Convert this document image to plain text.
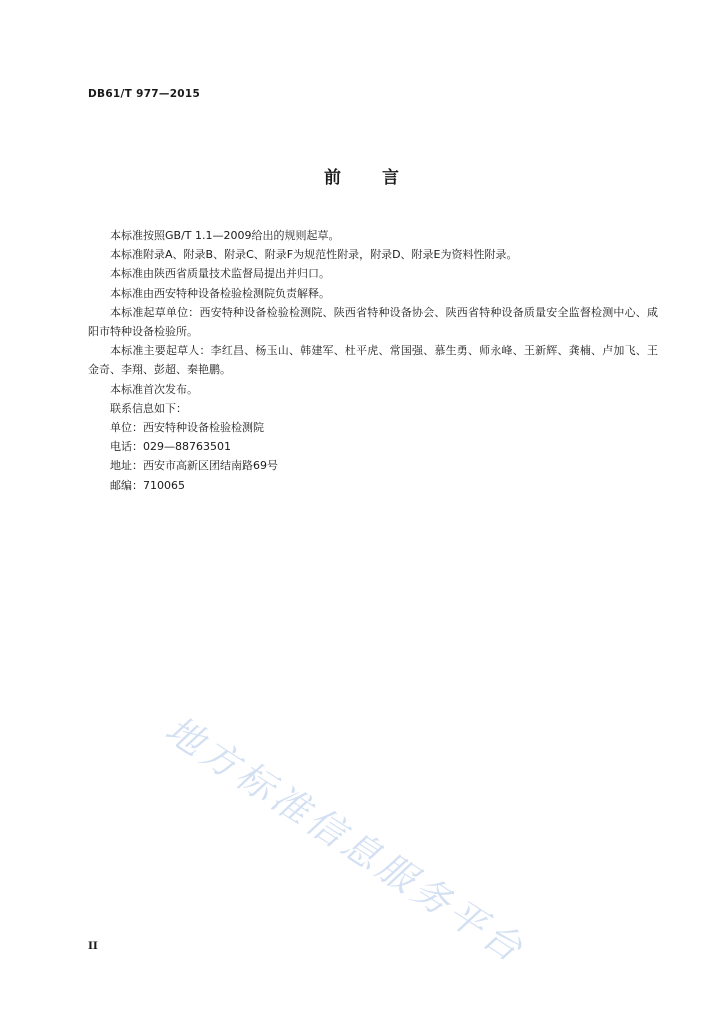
DB61/T 977—2015
前 言

本标准按照GB/T 1.1—2009给出的规则起草。

本标准附录A、附录B、附录C、附录F为规范性附录，附录D、附录E为资料性附录。

本标准由陕西省质量技术监督局提出并归口。

本标准由西安特种设备检验检测院负责解释。

本标准起草单位：西安特种设备检验检测院、陕西省特种设备协会、陕西省特种设备质量安全监督检测中心、咸阳市特种设备检验所。

本标准主要起草人：李红昌、杨玉山、韩建军、杜平虎、常国强、慕生勇、师永峰、王新辉、龚楠、卢加飞、王金奇、李翔、彭超、秦艳鹏。

本标准首次发布。

联系信息如下：

单位：西安特种设备检验检测院

电话：029—88763501

地址：西安市高新区团结南路69号

邮编：710065

地方标准信息服务平台
II
